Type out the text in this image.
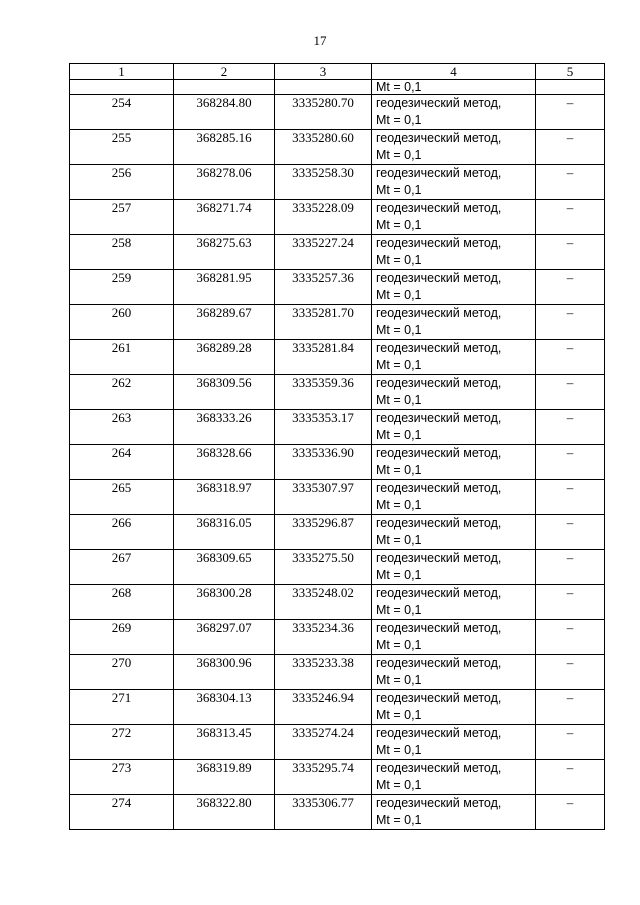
17
1	2	3	4	5
			Mt = 0,1	
254	368284.80	3335280.70	геодезический метод,
Mt = 0,1	–
255	368285.16	3335280.60	геодезический метод,
Mt = 0,1	–
256	368278.06	3335258.30	геодезический метод,
Mt = 0,1	–
257	368271.74	3335228.09	геодезический метод,
Mt = 0,1	–
258	368275.63	3335227.24	геодезический метод,
Mt = 0,1	–
259	368281.95	3335257.36	геодезический метод,
Mt = 0,1	–
260	368289.67	3335281.70	геодезический метод,
Mt = 0,1	–
261	368289.28	3335281.84	геодезический метод,
Mt = 0,1	–
262	368309.56	3335359.36	геодезический метод,
Mt = 0,1	–
263	368333.26	3335353.17	геодезический метод,
Mt = 0,1	–
264	368328.66	3335336.90	геодезический метод,
Mt = 0,1	–
265	368318.97	3335307.97	геодезический метод,
Mt = 0,1	–
266	368316.05	3335296.87	геодезический метод,
Mt = 0,1	–
267	368309.65	3335275.50	геодезический метод,
Mt = 0,1	–
268	368300.28	3335248.02	геодезический метод,
Mt = 0,1	–
269	368297.07	3335234.36	геодезический метод,
Mt = 0,1	–
270	368300.96	3335233.38	геодезический метод,
Mt = 0,1	–
271	368304.13	3335246.94	геодезический метод,
Mt = 0,1	–
272	368313.45	3335274.24	геодезический метод,
Mt = 0,1	–
273	368319.89	3335295.74	геодезический метод,
Mt = 0,1	–
274	368322.80	3335306.77	геодезический метод,
Mt = 0,1	–
